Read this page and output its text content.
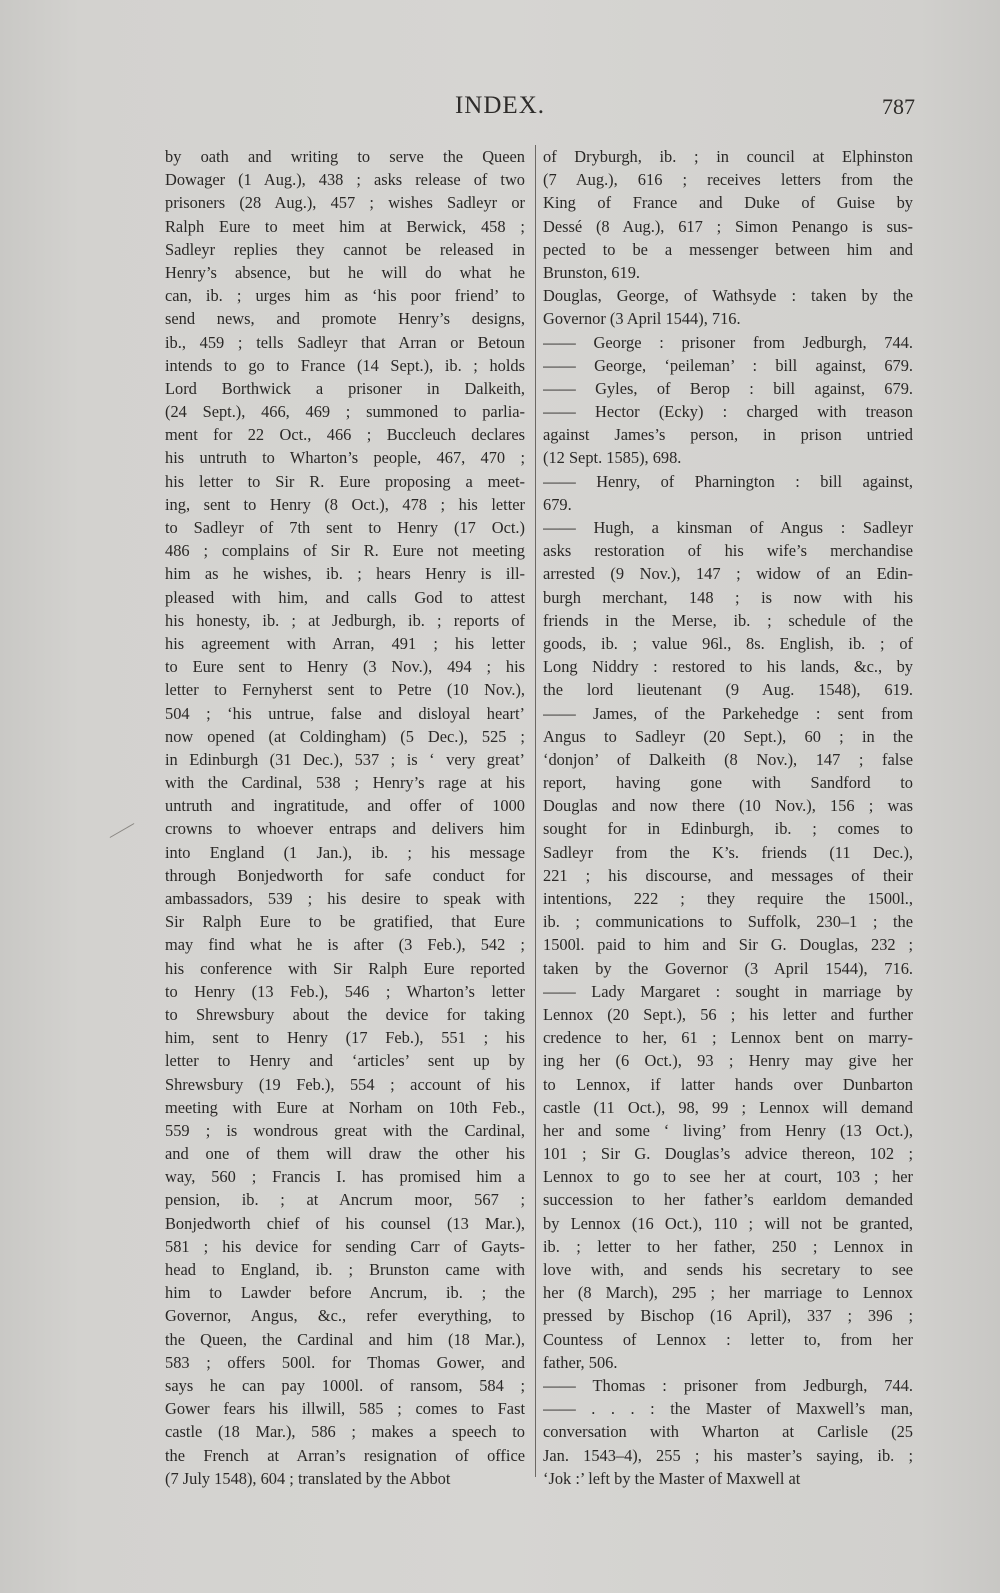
INDEX.	787
by oath and writing to serve the Queen
Dowager (1 Aug.), 438 ; asks release of two
prisoners (28 Aug.), 457 ; wishes Sadleyr or
Ralph Eure to meet him at Berwick, 458 ;
Sadleyr replies they cannot be released in
Henry’s absence, but he will do what he
can, ib. ; urges him as ‘his poor friend’ to
send news, and promote Henry’s designs,
ib., 459 ; tells Sadleyr that Arran or Betoun
intends to go to France (14 Sept.), ib. ; holds
Lord Borthwick a prisoner in Dalkeith,
(24 Sept.), 466, 469 ; summoned to parlia-
ment for 22 Oct., 466 ; Buccleuch declares
his untruth to Wharton’s people, 467, 470 ;
his letter to Sir R. Eure proposing a meet-
ing, sent to Henry (8 Oct.), 478 ; his letter
to Sadleyr of 7th sent to Henry (17 Oct.)
486 ; complains of Sir R. Eure not meeting
him as he wishes, ib. ; hears Henry is ill-
pleased with him, and calls God to attest
his honesty, ib. ; at Jedburgh, ib. ; reports of
his agreement with Arran, 491 ; his letter
to Eure sent to Henry (3 Nov.), 494 ; his
letter to Fernyherst sent to Petre (10 Nov.),
504 ; ‘his untrue, false and disloyal heart’
now opened (at Coldingham) (5 Dec.), 525 ;
in Edinburgh (31 Dec.), 537 ; is ‘ very great’
with the Cardinal, 538 ; Henry’s rage at his
untruth and ingratitude, and offer of 1000
crowns to whoever entraps and delivers him
into England (1 Jan.), ib. ; his message
through Bonjedworth for safe conduct for
ambassadors, 539 ; his desire to speak with
Sir Ralph Eure to be gratified, that Eure
may find what he is after (3 Feb.), 542 ;
his conference with Sir Ralph Eure reported
to Henry (13 Feb.), 546 ; Wharton’s letter
to Shrewsbury about the device for taking
him, sent to Henry (17 Feb.), 551 ; his
letter to Henry and ‘articles’ sent up by
Shrewsbury (19 Feb.), 554 ; account of his
meeting with Eure at Norham on 10th Feb.,
559 ; is wondrous great with the Cardinal,
and one of them will draw the other his
way, 560 ; Francis I. has promised him a
pension, ib. ; at Ancrum moor, 567 ;
Bonjedworth chief of his counsel (13 Mar.),
581 ; his device for sending Carr of Gayts-
head to England, ib. ; Brunston came with
him to Lawder before Ancrum, ib. ; the
Governor, Angus, &c., refer everything, to
the Queen, the Cardinal and him (18 Mar.),
583 ; offers 500l. for Thomas Gower, and
says he can pay 1000l. of ransom, 584 ;
Gower fears his illwill, 585 ; comes to Fast
castle (18 Mar.), 586 ; makes a speech to
the French at Arran’s resignation of office
(7 July 1548), 604 ; translated by the Abbot
of Dryburgh, ib. ; in council at Elphinston
(7 Aug.), 616 ; receives letters from the
King of France and Duke of Guise by
Dessé (8 Aug.), 617 ; Simon Penango is sus-
pected to be a messenger between him and
Brunston, 619.
Douglas, George, of Wathsyde : taken by the
Governor (3 April 1544), 716.
—— George : prisoner from Jedburgh, 744.
—— George, ‘peileman’ : bill against, 679.
—— Gyles, of Berop : bill against, 679.
—— Hector (Ecky) : charged with treason
against James’s person, in prison untried
(12 Sept. 1585), 698.
—— Henry, of Pharnington : bill against,
679.
—— Hugh, a kinsman of Angus : Sadleyr
asks restoration of his wife’s merchandise
arrested (9 Nov.), 147 ; widow of an Edin-
burgh merchant, 148 ; is now with his
friends in the Merse, ib. ; schedule of the
goods, ib. ; value 96l., 8s. English, ib. ; of
Long Niddry : restored to his lands, &c., by
the lord lieutenant (9 Aug. 1548), 619.
—— James, of the Parkehedge : sent from
Angus to Sadleyr (20 Sept.), 60 ; in the
‘donjon’ of Dalkeith (8 Nov.), 147 ; false
report, having gone with Sandford to
Douglas and now there (10 Nov.), 156 ; was
sought for in Edinburgh, ib. ; comes to
Sadleyr from the K’s. friends (11 Dec.),
221 ; his discourse, and messages of their
intentions, 222 ; they require the 1500l.,
ib. ; communications to Suffolk, 230–1 ; the
1500l. paid to him and Sir G. Douglas, 232 ;
taken by the Governor (3 April 1544), 716.
—— Lady Margaret : sought in marriage by
Lennox (20 Sept.), 56 ; his letter and further
credence to her, 61 ; Lennox bent on marry-
ing her (6 Oct.), 93 ; Henry may give her
to Lennox, if latter hands over Dunbarton
castle (11 Oct.), 98, 99 ; Lennox will demand
her and some ‘ living’ from Henry (13 Oct.),
101 ; Sir G. Douglas’s advice thereon, 102 ;
Lennox to go to see her at court, 103 ; her
succession to her father’s earldom demanded
by Lennox (16 Oct.), 110 ; will not be granted,
ib. ; letter to her father, 250 ; Lennox in
love with, and sends his secretary to see
her (8 March), 295 ; her marriage to Lennox
pressed by Bischop (16 April), 337 ; 396 ;
Countess of Lennox : letter to, from her
father, 506.
—— Thomas : prisoner from Jedburgh, 744.
—— . . . : the Master of Maxwell’s man,
conversation with Wharton at Carlisle (25
Jan. 1543–4), 255 ; his master’s saying, ib. ;
‘Jok :’ left by the Master of Maxwell at
